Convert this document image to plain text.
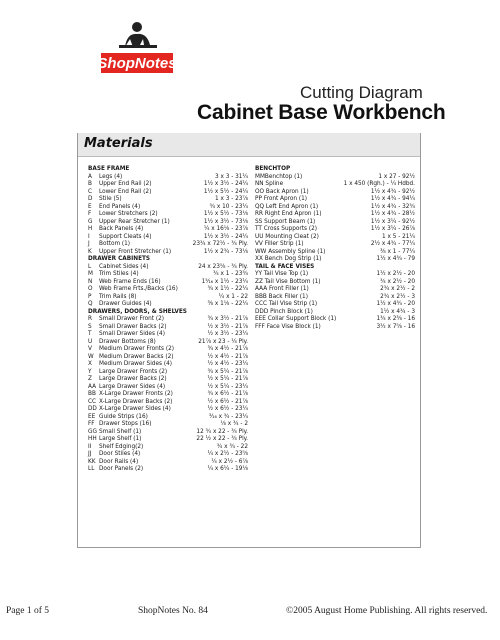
ShopNotes
Cutting Diagram
Cabinet Base Workbench
Materials
BASE FRAME
A Legs (4)	3 x 3 - 31¼
B Upper End Rail (2)	1½ x 3½ - 24¼
C Lower End Rail (2)	1½ x 5½ - 24¼
D Stile (5)	1 x 3 - 23⅞
E End Panels (4)	¾ x 10 - 23¼
F Lower Stretchers (2)	1½ x 5½ - 73⅛
G Upper Rear Stretcher (1)	1½ x 3½ - 73⅛
H Back Panels (4)	¼ x 16⅛ - 23⅞
I Support Cleats (4)	1½ x 3½ - 24¼
J Bottom (1)	23¾ x 72½ - ¾ Ply.
K Upper Front Stretcher (1)	1½ x 2¾ - 73⅛
DRAWER CABINETS
L Cabinet Sides (4)	24 x 23⅝ - ¾ Ply.
M Trim Stiles (4)	¾ x 1 - 23¾
N Web Frame Ends (16)	1⁵⁄₁₆ x 1½ - 23¼
O Web Frame Frts./Backs (16)	¾ x 1½ - 22¼
P Trim Rails (8)	¼ x 1 - 22
Q Drawer Guides (4)	⅜ x 1⅛ - 22¼
DRAWERS, DOORS, & SHELVES
R Small Drawer Front (2)	¾ x 3½ - 21⅞
S Small Drawer Backs (2)	½ x 3½ - 21⅞
T Small Drawer Sides (4)	½ x 3½ - 23¼
U Drawer Bottoms (8)	21⅞ x 23 - ¼ Ply.
V Medium Drawer Fronts (2)	¾ x 4½ - 21⅞
W Medium Drawer Backs (2)	½ x 4½ - 21⅞
X Medium Drawer Sides (4)	½ x 4½ - 23¼
Y Large Drawer Fronts (2)	¾ x 5¼ - 21⅞
Z Large Drawer Backs (2)	½ x 5¼ - 21⅞
AA Large Drawer Sides (4)	½ x 5¼ - 23¼
BB X-Large Drawer Fronts (2)	¾ x 6½ - 21⅞
CC X-Large Drawer Backs (2)	½ x 6½ - 21⅞
DD X-Large Drawer Sides (4)	½ x 6½ - 23¼
EE Guide Strips (16)	³⁄₁₆ x ¾ - 23¼
FF Drawer Stops (16)	⅛ x ¾ - 2
GG Small Shelf (1)	12 ¾ x 22 - ¾ Ply.
HH Large Shelf (1)	22 ½ x 22 - ¾ Ply.
II Shelf Edging(2)	¾ x ¾ - 22
JJ Door Stiles (4)	¼ x 2½ - 23⅝
KK Door Rails (4)	¼ x 2½ - 6⅞
LL Door Panels (2)	¼ x 6¼ - 19⅛
BENCHTOP
MMBenchtop (1)	1 x 27 - 92½
NN Spline	1 x 450 (Rgh.) - ¼ Hdbd.
OO Back Apron (1)	1½ x 4¾ - 92½
PP Front Apron (1)	1½ x 4¾ - 94¼
QQ Left End Apron (1)	1½ x 4¾ - 32¾
RR Right End Apron (1)	1½ x 4¾ - 28½
SS Support Beam (1)	1½ x 3¼ - 92½
TT Cross Supports (2)	1½ x 3¼ - 26⅞
UU Mounting Cleat (2)	1 x 5 - 21¼
VV Filler Strip (1)	2½ x 4¾ - 77¼
WW Assembly Spline (1)	⅜ x 1 - 77¼
XX Bench Dog Strip (1)	1½ x 4¾ - 79
TAIL & FACE VISES
YY Tail Vise Top (1)	1½ x 2½ - 20
ZZ Tail Vise Bottom (1)	¾ x 2½ - 20
AAA Front Filler (1)	2¾ x 2½ - 2
BBB Back Filler (1)	2¾ x 2½ - 3
CCC Tail Vise Strip (1)	1½ x 4¾ - 20
DDD Pinch Block (1)	1½ x 4¾ - 3
EEE Collar Support Block (1)	1¾ x 2⅜ - 16
FFF Face Vise Block (1)	3½ x 7⅝ - 16
Page 1 of 5	ShopNotes No. 84	©2005 August Home Publishing. All rights reserved.
